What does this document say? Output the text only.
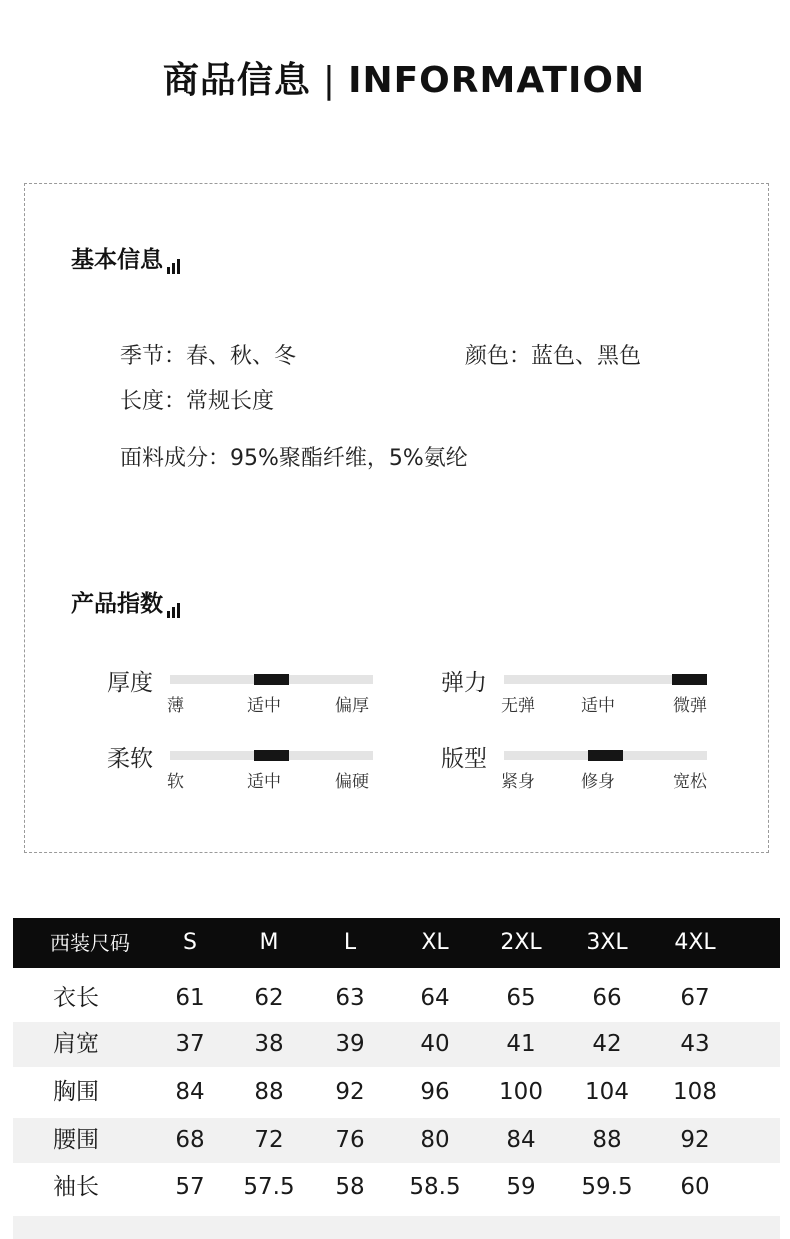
商品信息 | INFORMATION
基本信息
季节：春、秋、冬	颜色：蓝色、黑色
长度：常规长度
面料成分：95%聚酯纤维，5%氨纶
产品指数
厚度
薄	适中	偏厚
弹力
无弹	适中	微弹
柔软
软	适中	偏硬
版型
紧身	修身	宽松
西装尺码	S	M	L	XL	2XL	3XL	4XL
衣长	61	62	63	64	65	66	67
肩宽	37	38	39	40	41	42	43
胸围	84	88	92	96	100	104	108
腰围	68	72	76	80	84	88	92
袖长	57	57.5	58	58.5	59	59.5	60
